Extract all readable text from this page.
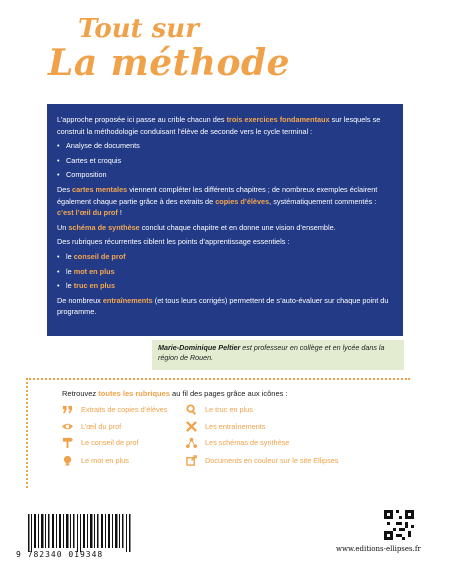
Tout sur
La méthode

L’approche proposée ici passe au crible chacun des trois exercices fondamentaux sur lesquels se construit la méthodologie conduisant l’élève de seconde vers le cycle terminal :

• Analyse de documents
• Cartes et croquis
• Composition

Des cartes mentales viennent compléter les différents chapitres ; de nombreux exemples éclairent également chaque partie grâce à des extraits de copies d’élèves, systématiquement commentés : c’est l’œil du prof !

Un schéma de synthèse conclut chaque chapitre et en donne une vision d’ensemble.

Des rubriques récurrentes ciblent les points d’apprentissage essentiels :

• le conseil de prof
• le mot en plus
• le truc en plus

De nombreux entraînements (et tous leurs corrigés) permettent de s’auto-évaluer sur chaque point du programme.

Marie-Dominique Peltier est professeur en collège et en lycée dans la région de Rouen.
Retrouvez toutes les rubriques au fil des pages grâce aux icônes :
Extraits de copies d’élèves
L’œil du prof
Le conseil de prof
Le mot en plus
Le truc en plus
Les entraînements
Les schémas de synthèse
Documents en couleur sur le site Ellipses
9 782340 019348
www.editions-ellipses.fr
